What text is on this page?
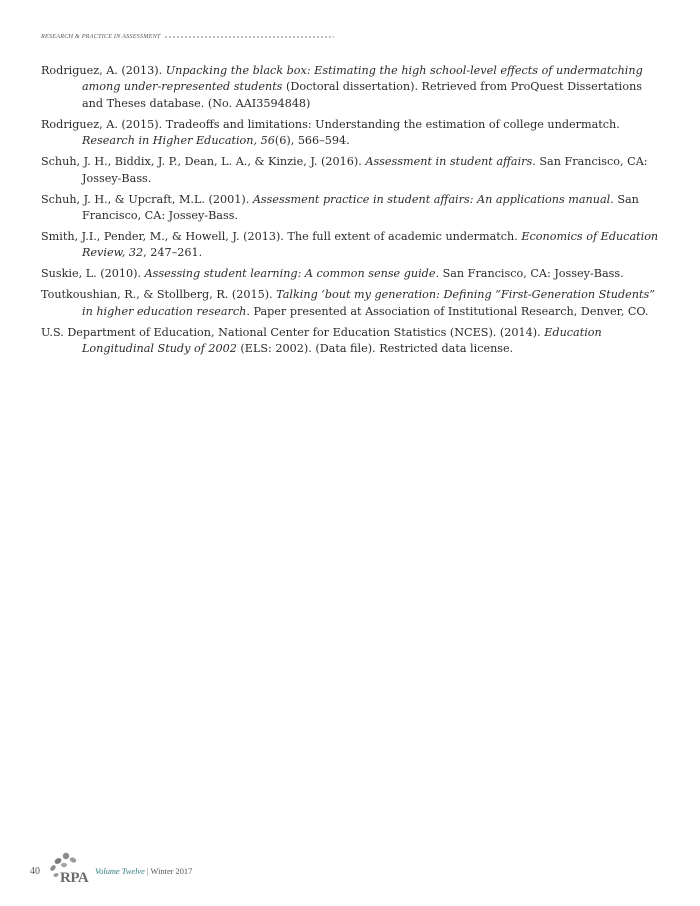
RESEARCH & PRACTICE IN ASSESSMENT
Rodriguez, A. (2013). Unpacking the black box: Estimating the high school-level effects of undermatching among under-represented students (Doctoral dissertation). Retrieved from ProQuest Dissertations and Theses database. (No. AAI3594848)
Rodriguez, A. (2015). Tradeoffs and limitations: Understanding the estimation of college undermatch. Research in Higher Education, 56(6), 566–594.
Schuh, J. H., Biddix, J. P., Dean, L. A., & Kinzie, J. (2016). Assessment in student affairs. San Francisco, CA: Jossey-Bass.
Schuh, J. H., & Upcraft, M.L. (2001). Assessment practice in student affairs: An applications manual. San Francisco, CA: Jossey-Bass.
Smith, J.I., Pender, M., & Howell, J. (2013). The full extent of academic undermatch. Economics of Education Review, 32, 247–261.
Suskie, L. (2010). Assessing student learning: A common sense guide. San Francisco, CA: Jossey-Bass.
Toutkoushian, R., & Stollberg, R. (2015). Talking ‘bout my generation: Defining “First-Generation Students” in higher education research. Paper presented at Association of Institutional Research, Denver, CO.
U.S. Department of Education, National Center for Education Statistics (NCES). (2014). Education Longitudinal Study of 2002 (ELS: 2002). (Data file). Restricted data license.
40	RPA Volume Twelve | Winter 2017
